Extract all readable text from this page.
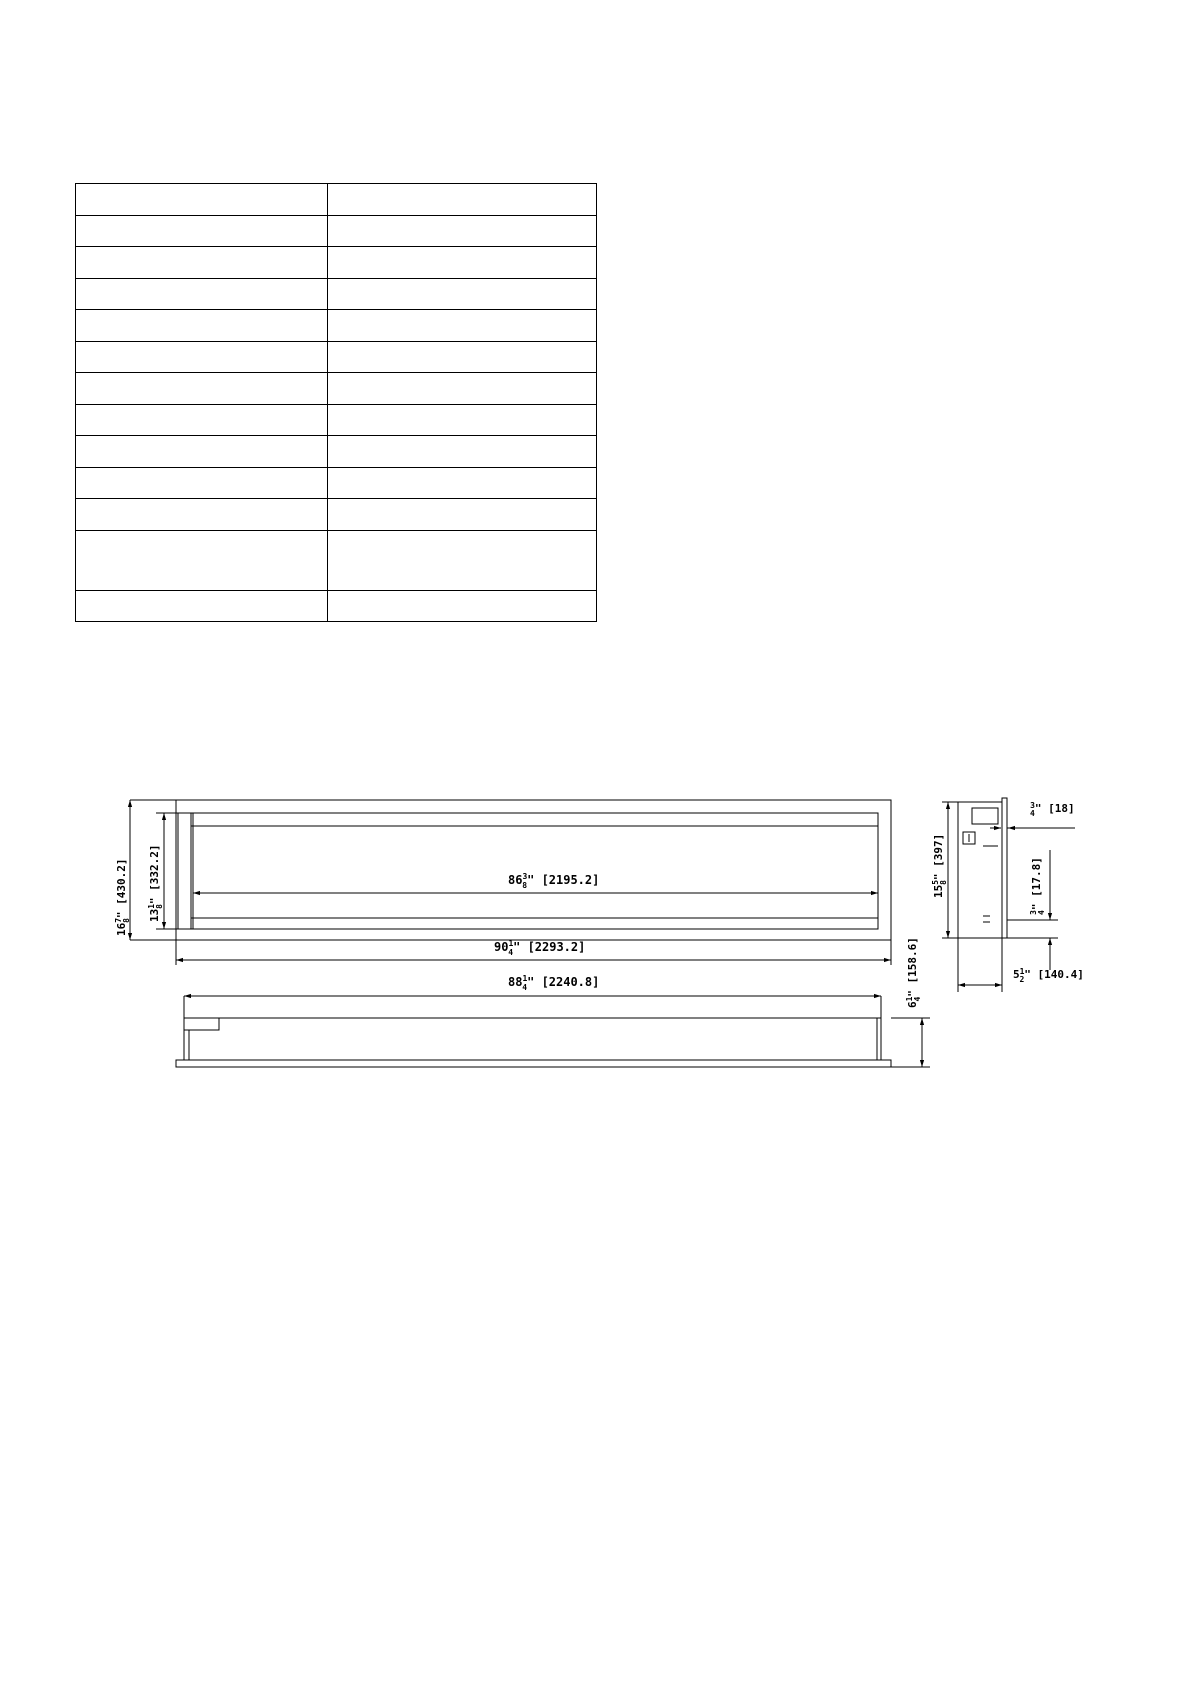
$16^78$" [430.2]
$13^18$" [332.2]	$86^3$ 8" [2195.2]
$90^1$ 4" [2293.2]
$88^1$ 4" [2240.8]
$6^14$" [158.6]
$15^58$" [397]
$^3$ 4" [18]
$^3$4" [17.8]
$5^1$ 2" [140.4]
